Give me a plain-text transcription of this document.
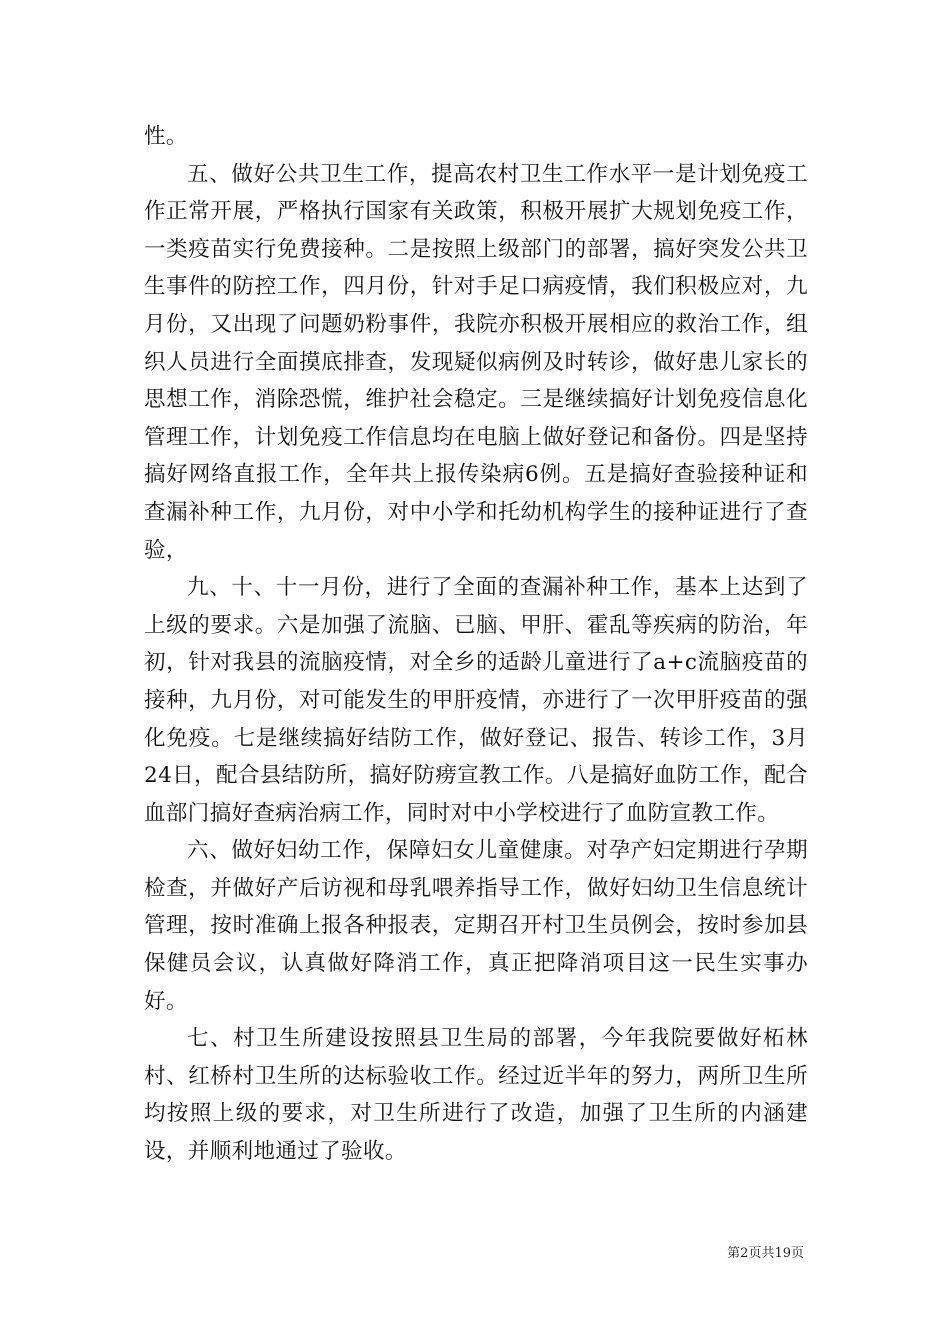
性。

五、做好公共卫生工作，提高农村卫生工作水平一是计划免疫工作正常开展，严格执行国家有关政策，积极开展扩大规划免疫工作，一类疫苗实行免费接种。二是按照上级部门的部署，搞好突发公共卫生事件的防控工作，四月份，针对手足口病疫情，我们积极应对，九月份，又出现了问题奶粉事件，我院亦积极开展相应的救治工作，组织人员进行全面摸底排查，发现疑似病例及时转诊，做好患儿家长的思想工作，消除恐慌，维护社会稳定。三是继续搞好计划免疫信息化管理工作，计划免疫工作信息均在电脑上做好登记和备份。四是坚持搞好网络直报工作，全年共上报传染病6例。五是搞好查验接种证和查漏补种工作，九月份，对中小学和托幼机构学生的接种证进行了查验，

九、十、十一月份，进行了全面的查漏补种工作，基本上达到了上级的要求。六是加强了流脑、已脑、甲肝、霍乱等疾病的防治，年初，针对我县的流脑疫情，对全乡的适龄儿童进行了a+c流脑疫苗的接种，九月份，对可能发生的甲肝疫情，亦进行了一次甲肝疫苗的强化免疫。七是继续搞好结防工作，做好登记、报告、转诊工作，3月24日，配合县结防所，搞好防痨宣教工作。八是搞好血防工作，配合血部门搞好查病治病工作，同时对中小学校进行了血防宣教工作。

六、做好妇幼工作，保障妇女儿童健康。对孕产妇定期进行孕期检查，并做好产后访视和母乳喂养指导工作，做好妇幼卫生信息统计管理，按时准确上报各种报表，定期召开村卫生员例会，按时参加县保健员会议，认真做好降消工作，真正把降消项目这一民生实事办好。

七、村卫生所建设按照县卫生局的部署，今年我院要做好柘林村、红桥村卫生所的达标验收工作。经过近半年的努力，两所卫生所均按照上级的要求，对卫生所进行了改造，加强了卫生所的内涵建设，并顺利地通过了验收。

第2页共19页
